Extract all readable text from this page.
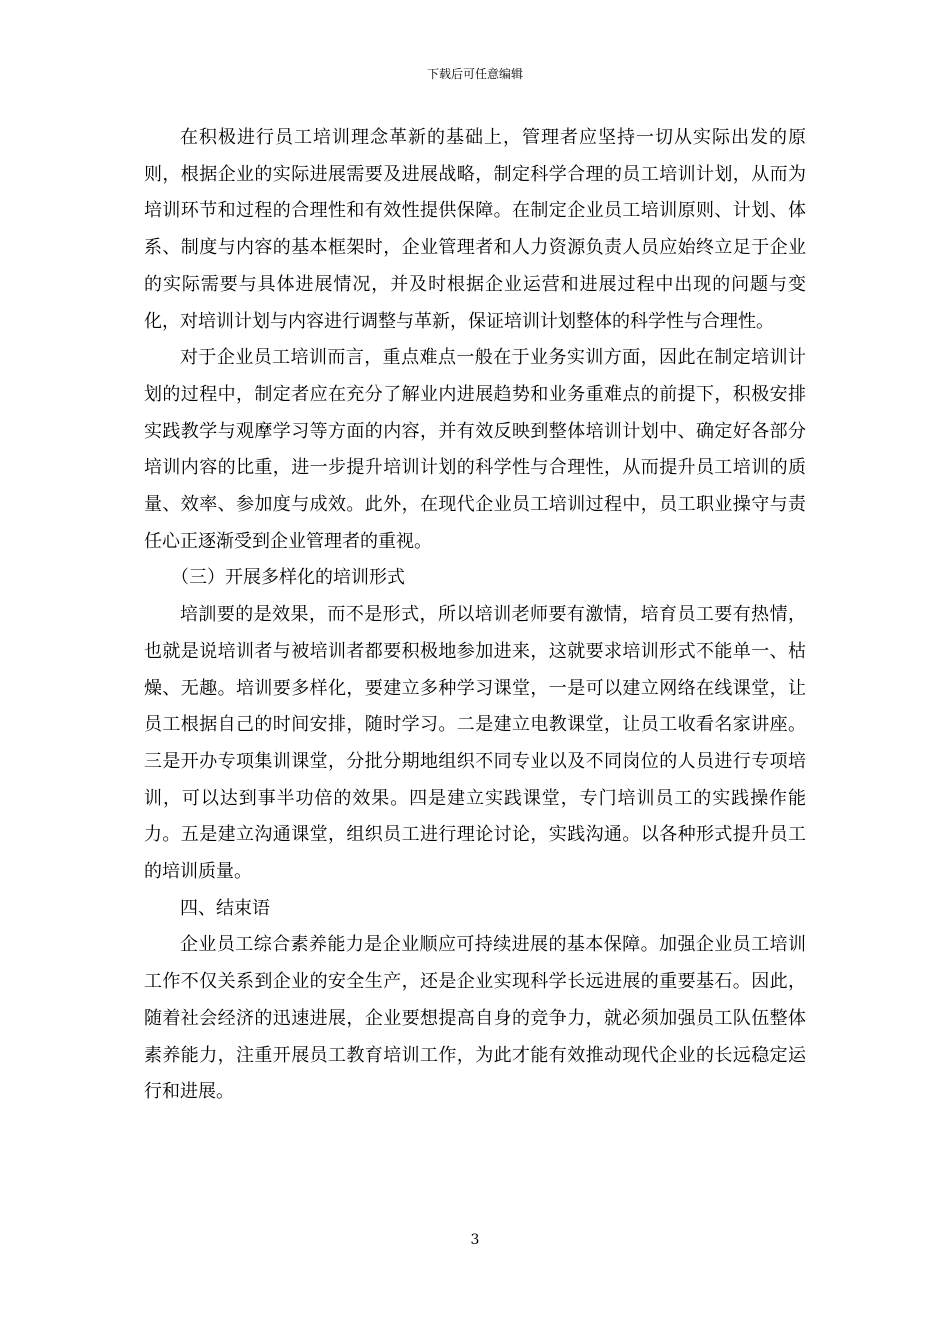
下载后可任意编辑

在积极进行员工培训理念革新的基础上，管理者应坚持一切从实际出发的原则，根据企业的实际进展需要及进展战略，制定科学合理的员工培训计划，从而为培训环节和过程的合理性和有效性提供保障。在制定企业员工培训原则、计划、体系、制度与内容的基本框架时，企业管理者和人力资源负责人员应始终立足于企业的实际需要与具体进展情况，并及时根据企业运营和进展过程中出现的问题与变化，对培训计划与内容进行调整与革新，保证培训计划整体的科学性与合理性。

对于企业员工培训而言，重点难点一般在于业务实训方面，因此在制定培训计划的过程中，制定者应在充分了解业内进展趋势和业务重难点的前提下，积极安排实践教学与观摩学习等方面的内容，并有效反映到整体培训计划中、确定好各部分培训内容的比重，进一步提升培训计划的科学性与合理性，从而提升员工培训的质量、效率、参加度与成效。此外，在现代企业员工培训过程中，员工职业操守与责任心正逐渐受到企业管理者的重视。

（三）开展多样化的培训形式

培訓要的是效果，而不是形式，所以培训老师要有激情，培育员工要有热情，也就是说培训者与被培训者都要积极地参加进来，这就要求培训形式不能单一、枯燥、无趣。培训要多样化，要建立多种学习课堂，一是可以建立网络在线课堂，让员工根据自己的时间安排，随时学习。二是建立电教课堂，让员工收看名家讲座。三是开办专项集训课堂，分批分期地组织不同专业以及不同岗位的人员进行专项培训，可以达到事半功倍的效果。四是建立实践课堂，专门培训员工的实践操作能力。五是建立沟通课堂，组织员工进行理论讨论，实践沟通。以各种形式提升员工的培训质量。

四、结束语

企业员工综合素养能力是企业顺应可持续进展的基本保障。加强企业员工培训工作不仅关系到企业的安全生产，还是企业实现科学长远进展的重要基石。因此，随着社会经济的迅速进展，企业要想提高自身的竞争力，就必须加强员工队伍整体素养能力，注重开展员工教育培训工作，为此才能有效推动现代企业的长远稳定运行和进展。

3
